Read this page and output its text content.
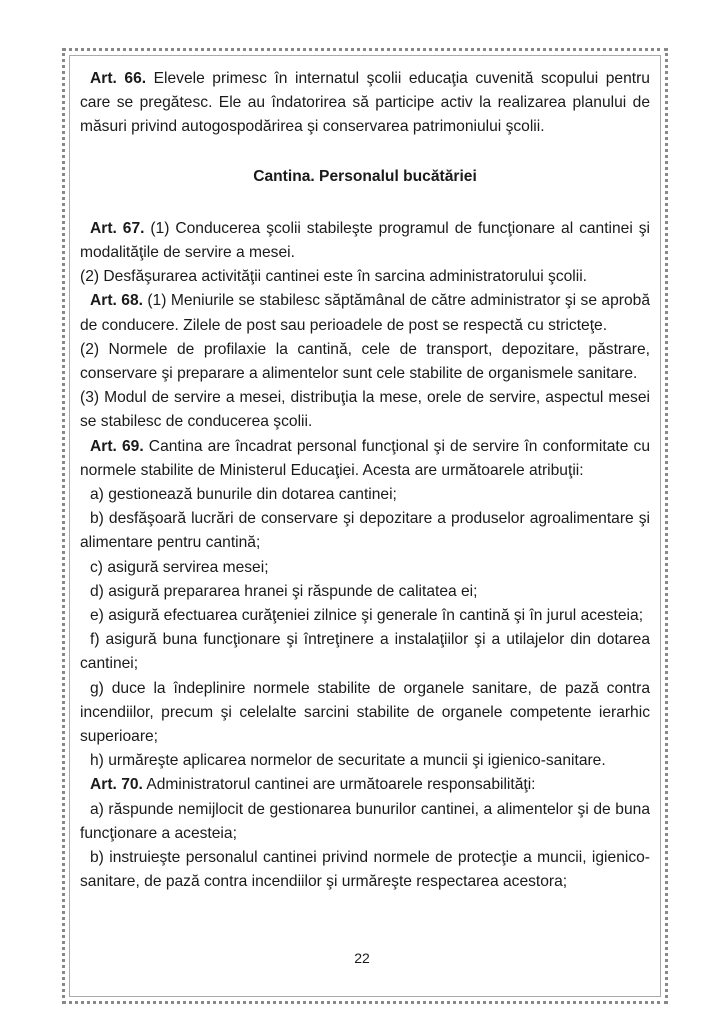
Art. 66. Elevele primesc în internatul şcolii educaţia cuvenită scopului pentru care se pregătesc. Ele au îndatorirea să participe activ la realizarea planului de măsuri privind autogospodărirea şi conservarea patrimoniului şcolii.

Cantina. Personalul bucătăriei

Art. 67. (1) Conducerea şcolii stabileşte programul de funcţionare al cantinei şi modalităţile de servire a mesei.

(2) Desfăşurarea activităţii cantinei este în sarcina administratorului şcolii.

Art. 68. (1) Meniurile se stabilesc săptămânal de către administrator şi se aprobă de conducere. Zilele de post sau perioadele de post se respectă cu stricteţe.

(2) Normele de profilaxie la cantină, cele de transport, depozitare, păstrare, conservare şi preparare a alimentelor sunt cele stabilite de organismele sanitare.

(3) Modul de servire a mesei, distribuţia la mese, orele de servire, aspectul mesei se stabilesc de conducerea şcolii.

Art. 69. Cantina are încadrat personal funcţional şi de servire în conformitate cu normele stabilite de Ministerul Educaţiei. Acesta are următoarele atribuţii:

a) gestionează bunurile din dotarea cantinei;

b) desfăşoară lucrări de conservare şi depozitare a produselor agroalimentare şi alimentare pentru cantină;

c) asigură servirea mesei;

d) asigură prepararea hranei şi răspunde de calitatea ei;

e) asigură efectuarea curăţeniei zilnice şi generale în cantină şi în jurul acesteia;

f) asigură buna funcţionare şi întreţinere a instalaţiilor şi a utilajelor din dotarea cantinei;

g) duce la îndeplinire normele stabilite de organele sanitare, de pază contra incendiilor, precum şi celelalte sarcini stabilite de organele competente ierarhic superioare;

h) urmăreşte aplicarea normelor de securitate a muncii şi igienico-sanitare.

Art. 70. Administratorul cantinei are următoarele responsabilităţi:

a) răspunde nemijlocit de gestionarea bunurilor cantinei, a alimentelor şi de buna funcţionare a acesteia;

b) instruieşte personalul cantinei privind normele de protecţie a muncii, igienico-sanitare, de pază contra incendiilor şi urmăreşte respectarea acestora;

22
